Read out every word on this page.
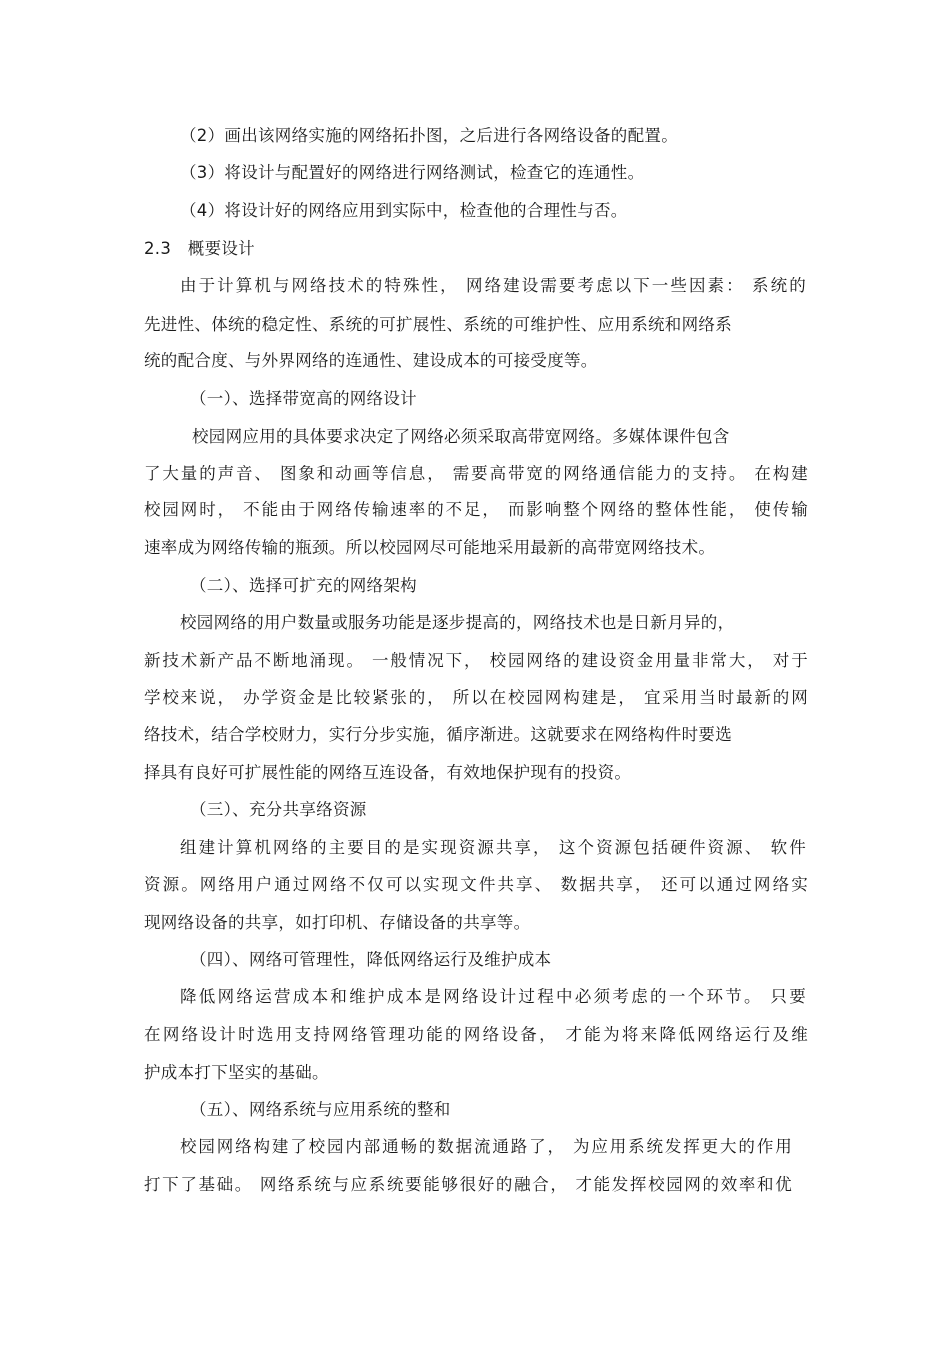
（2）画出该网络实施的网络拓扑图，之后进行各网络设备的配置。
（3）将设计与配置好的网络进行网络测试，检查它的连通性。
（4）将设计好的网络应用到实际中，检查他的合理性与否。
2.3   概要设计
由于计算机与网络技术的特殊性， 网络建设需要考虑以下一些因素： 系统的
先进性、体统的稳定性、系统的可扩展性、系统的可维护性、应用系统和网络系
统的配合度、与外界网络的连通性、建设成本的可接受度等。
（一）、选择带宽高的网络设计
校园网应用的具体要求决定了网络必须采取高带宽网络。多媒体课件包含
了大量的声音、 图象和动画等信息， 需要高带宽的网络通信能力的支持。 在构建
校园网时， 不能由于网络传输速率的不足， 而影响整个网络的整体性能， 使传输
速率成为网络传输的瓶颈。所以校园网尽可能地采用最新的高带宽网络技术。
（二）、选择可扩充的网络架构
校园网络的用户数量或服务功能是逐步提高的，网络技术也是日新月异的，
新技术新产品不断地涌现。 一般情况下， 校园网络的建设资金用量非常大， 对于
学校来说， 办学资金是比较紧张的， 所以在校园网构建是， 宜采用当时最新的网
络技术，结合学校财力，实行分步实施，循序渐进。这就要求在网络构件时要选
择具有良好可扩展性能的网络互连设备，有效地保护现有的投资。
（三）、充分共享络资源
组建计算机网络的主要目的是实现资源共享， 这个资源包括硬件资源、 软件
资源。网络用户通过网络不仅可以实现文件共享、 数据共享， 还可以通过网络实
现网络设备的共享，如打印机、存储设备的共享等。
（四）、网络可管理性，降低网络运行及维护成本
降低网络运营成本和维护成本是网络设计过程中必须考虑的一个环节。 只要
在网络设计时选用支持网络管理功能的网络设备， 才能为将来降低网络运行及维
护成本打下坚实的基础。
（五）、网络系统与应用系统的整和
校园网络构建了校园内部通畅的数据流通路了， 为应用系统发挥更大的作用
打下了基础。 网络系统与应系统要能够很好的融合， 才能发挥校园网的效率和优
